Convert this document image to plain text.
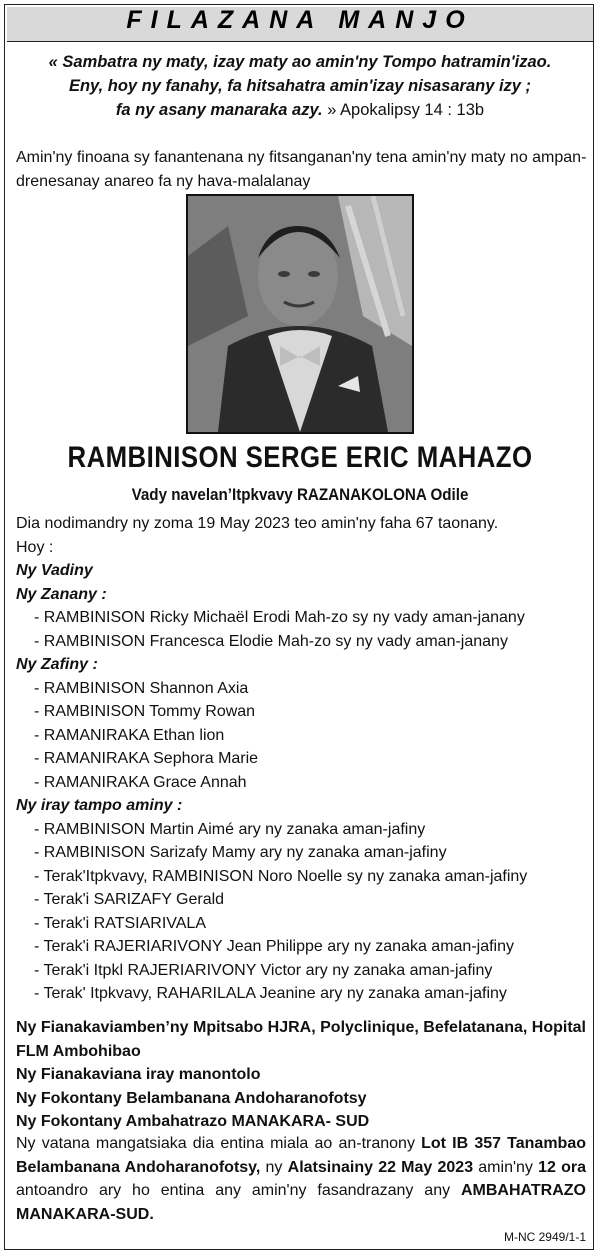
FILAZANA MANJO
« Sambatra ny maty, izay maty ao amin'ny Tompo hatramin'izao.
Eny, hoy ny fanahy, fa hitsahatra amin'izay nisasarany izy ;
fa ny asany manaraka azy. » Apokalipsy 14 : 13b
Amin'ny finoana sy fanantenana ny fitsanganan'ny tena amin'ny maty no ampan-drenesanay anareo fa ny hava-malalanay
RAMBINISON SERGE ERIC MAHAZO
Vady navelan’Itpkvavy RAZANAKOLONA Odile
Dia nodimandry ny zoma 19 May 2023 teo amin'ny faha 67 taonany.
Hoy :
Ny Vadiny
Ny Zanany :
- RAMBINISON Ricky Michaël Erodi Mah-zo sy ny vady aman-janany
- RAMBINISON Francesca Elodie Mah-zo sy ny vady aman-janany
Ny Zafiny :
- RAMBINISON Shannon Axia
- RAMBINISON Tommy Rowan
- RAMANIRAKA Ethan lion
- RAMANIRAKA Sephora Marie
- RAMANIRAKA Grace Annah
Ny iray tampo aminy :
- RAMBINISON Martin Aimé ary ny zanaka aman-jafiny
- RAMBINISON Sarizafy Mamy ary ny zanaka aman-jafiny
- Terak'Itpkvavy, RAMBINISON Noro Noelle sy ny zanaka aman-jafiny
- Terak'i SARIZAFY Gerald
- Terak'i RATSIARIVALA
- Terak'i RAJERIARIVONY Jean Philippe ary ny zanaka aman-jafiny
- Terak'i Itpkl RAJERIARIVONY Victor ary ny zanaka aman-jafiny
- Terak' Itpkvavy, RAHARILALA Jeanine ary ny zanaka aman-jafiny
Ny Fianakaviamben’ny Mpitsabo HJRA, Polyclinique, Befelatanana, Hopital FLM Ambohibao
Ny Fianakaviana iray manontolo
Ny Fokontany Belambanana Andoharanofotsy
Ny Fokontany Ambahatrazo MANAKARA- SUD
Ny vatana mangatsiaka dia entina miala ao an-tranony Lot IB 357 Tanambao Belambanana Andoharanofotsy, ny Alatsinainy 22 May 2023 amin'ny 12 ora antoandro ary ho entina any amin'ny fasandrazany any AMBAHATRAZO MANAKARA-SUD.
M-NC 2949/1-1
